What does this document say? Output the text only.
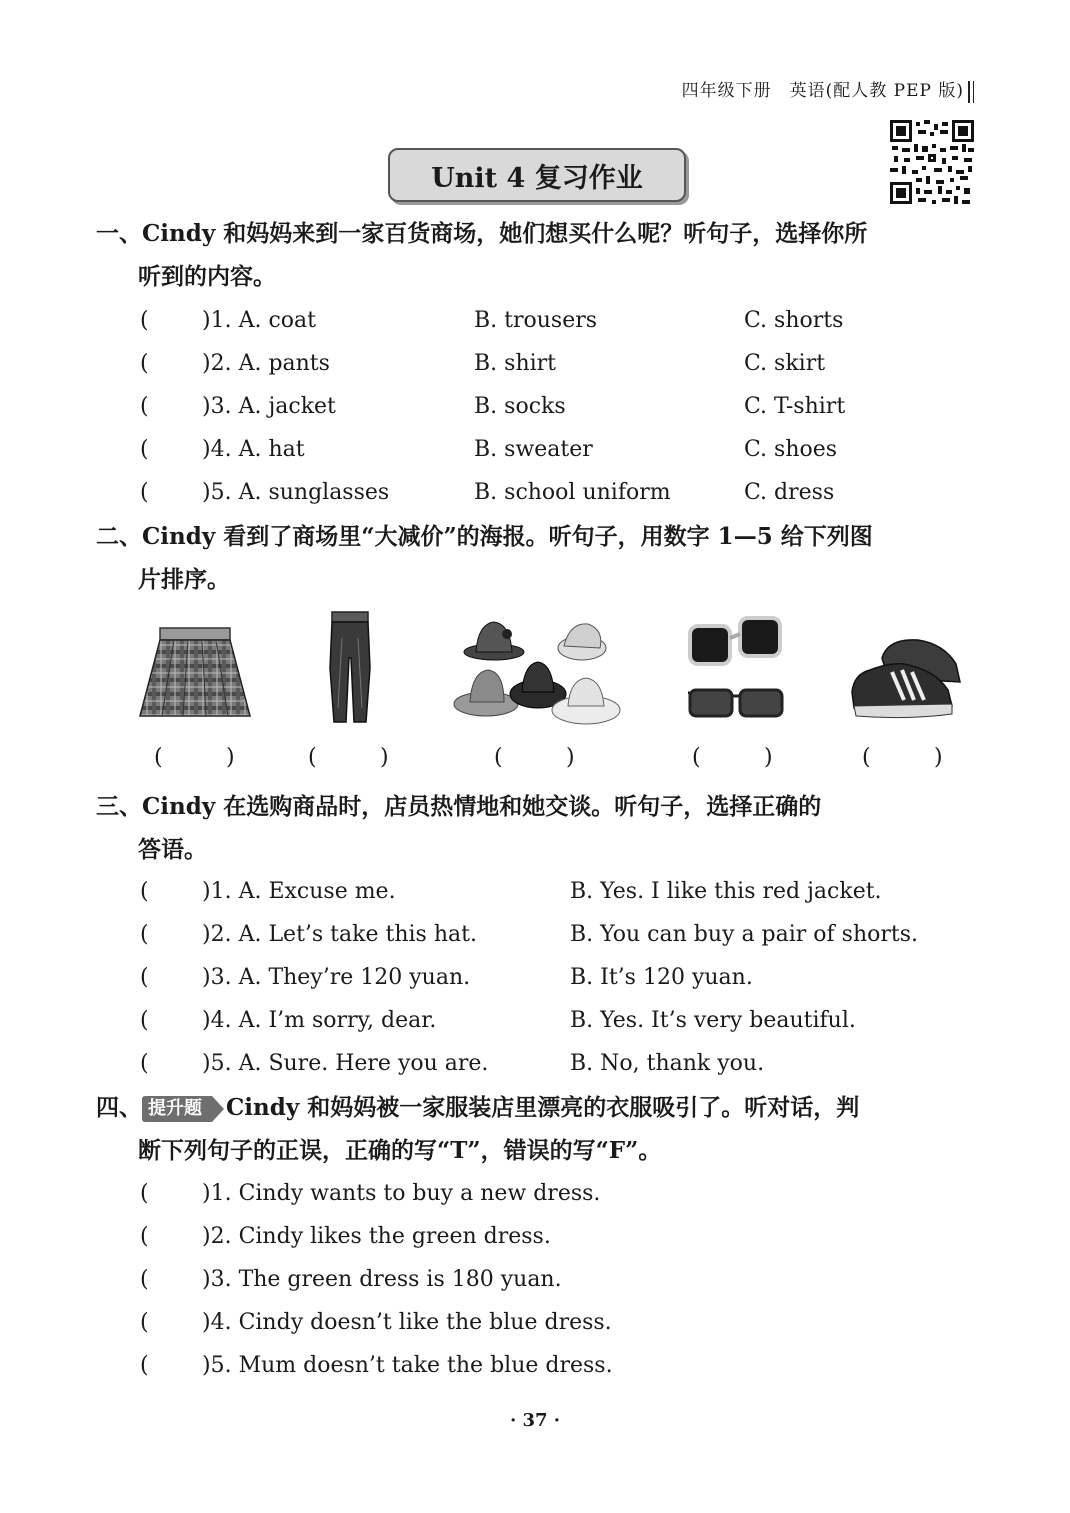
四年级下册　英语(配人教 PEP 版)
Unit 4 复习作业
一、Cindy 和妈妈来到一家百货商场，她们想买什么呢？听句子，选择你所
听到的内容。
( )1. A. coat	B. trousers	C. shorts
( )2. A. pants	B. shirt	C. skirt
( )3. A. jacket	B. socks	C. T-shirt
( )4. A. hat	B. sweater	C. shoes
( )5. A. sunglasses	B. school uniform	C. dress
二、Cindy 看到了商场里“大减价”的海报。听句子，用数字 1—5 给下列图
片排序。
(	)	(	)	(	)	(	)	(	)
三、Cindy 在选购商品时，店员热情地和她交谈。听句子，选择正确的
答语。
( )1. A. Excuse me.	B. Yes. I like this red jacket.
( )2. A. Let’s take this hat.	B. You can buy a pair of shorts.
( )3. A. They’re 120 yuan.	B. It’s 120 yuan.
( )4. A. I’m sorry, dear.	B. Yes. It’s very beautiful.
( )5. A. Sure. Here you are.	B. No, thank you.
四、 提升题 Cindy 和妈妈被一家服装店里漂亮的衣服吸引了。听对话，判
断下列句子的正误，正确的写“T”，错误的写“F”。
( )1. Cindy wants to buy a new dress.
( )2. Cindy likes the green dress.
( )3. The green dress is 180 yuan.
( )4. Cindy doesn’t like the blue dress.
( )5. Mum doesn’t take the blue dress.
· 37 ·
